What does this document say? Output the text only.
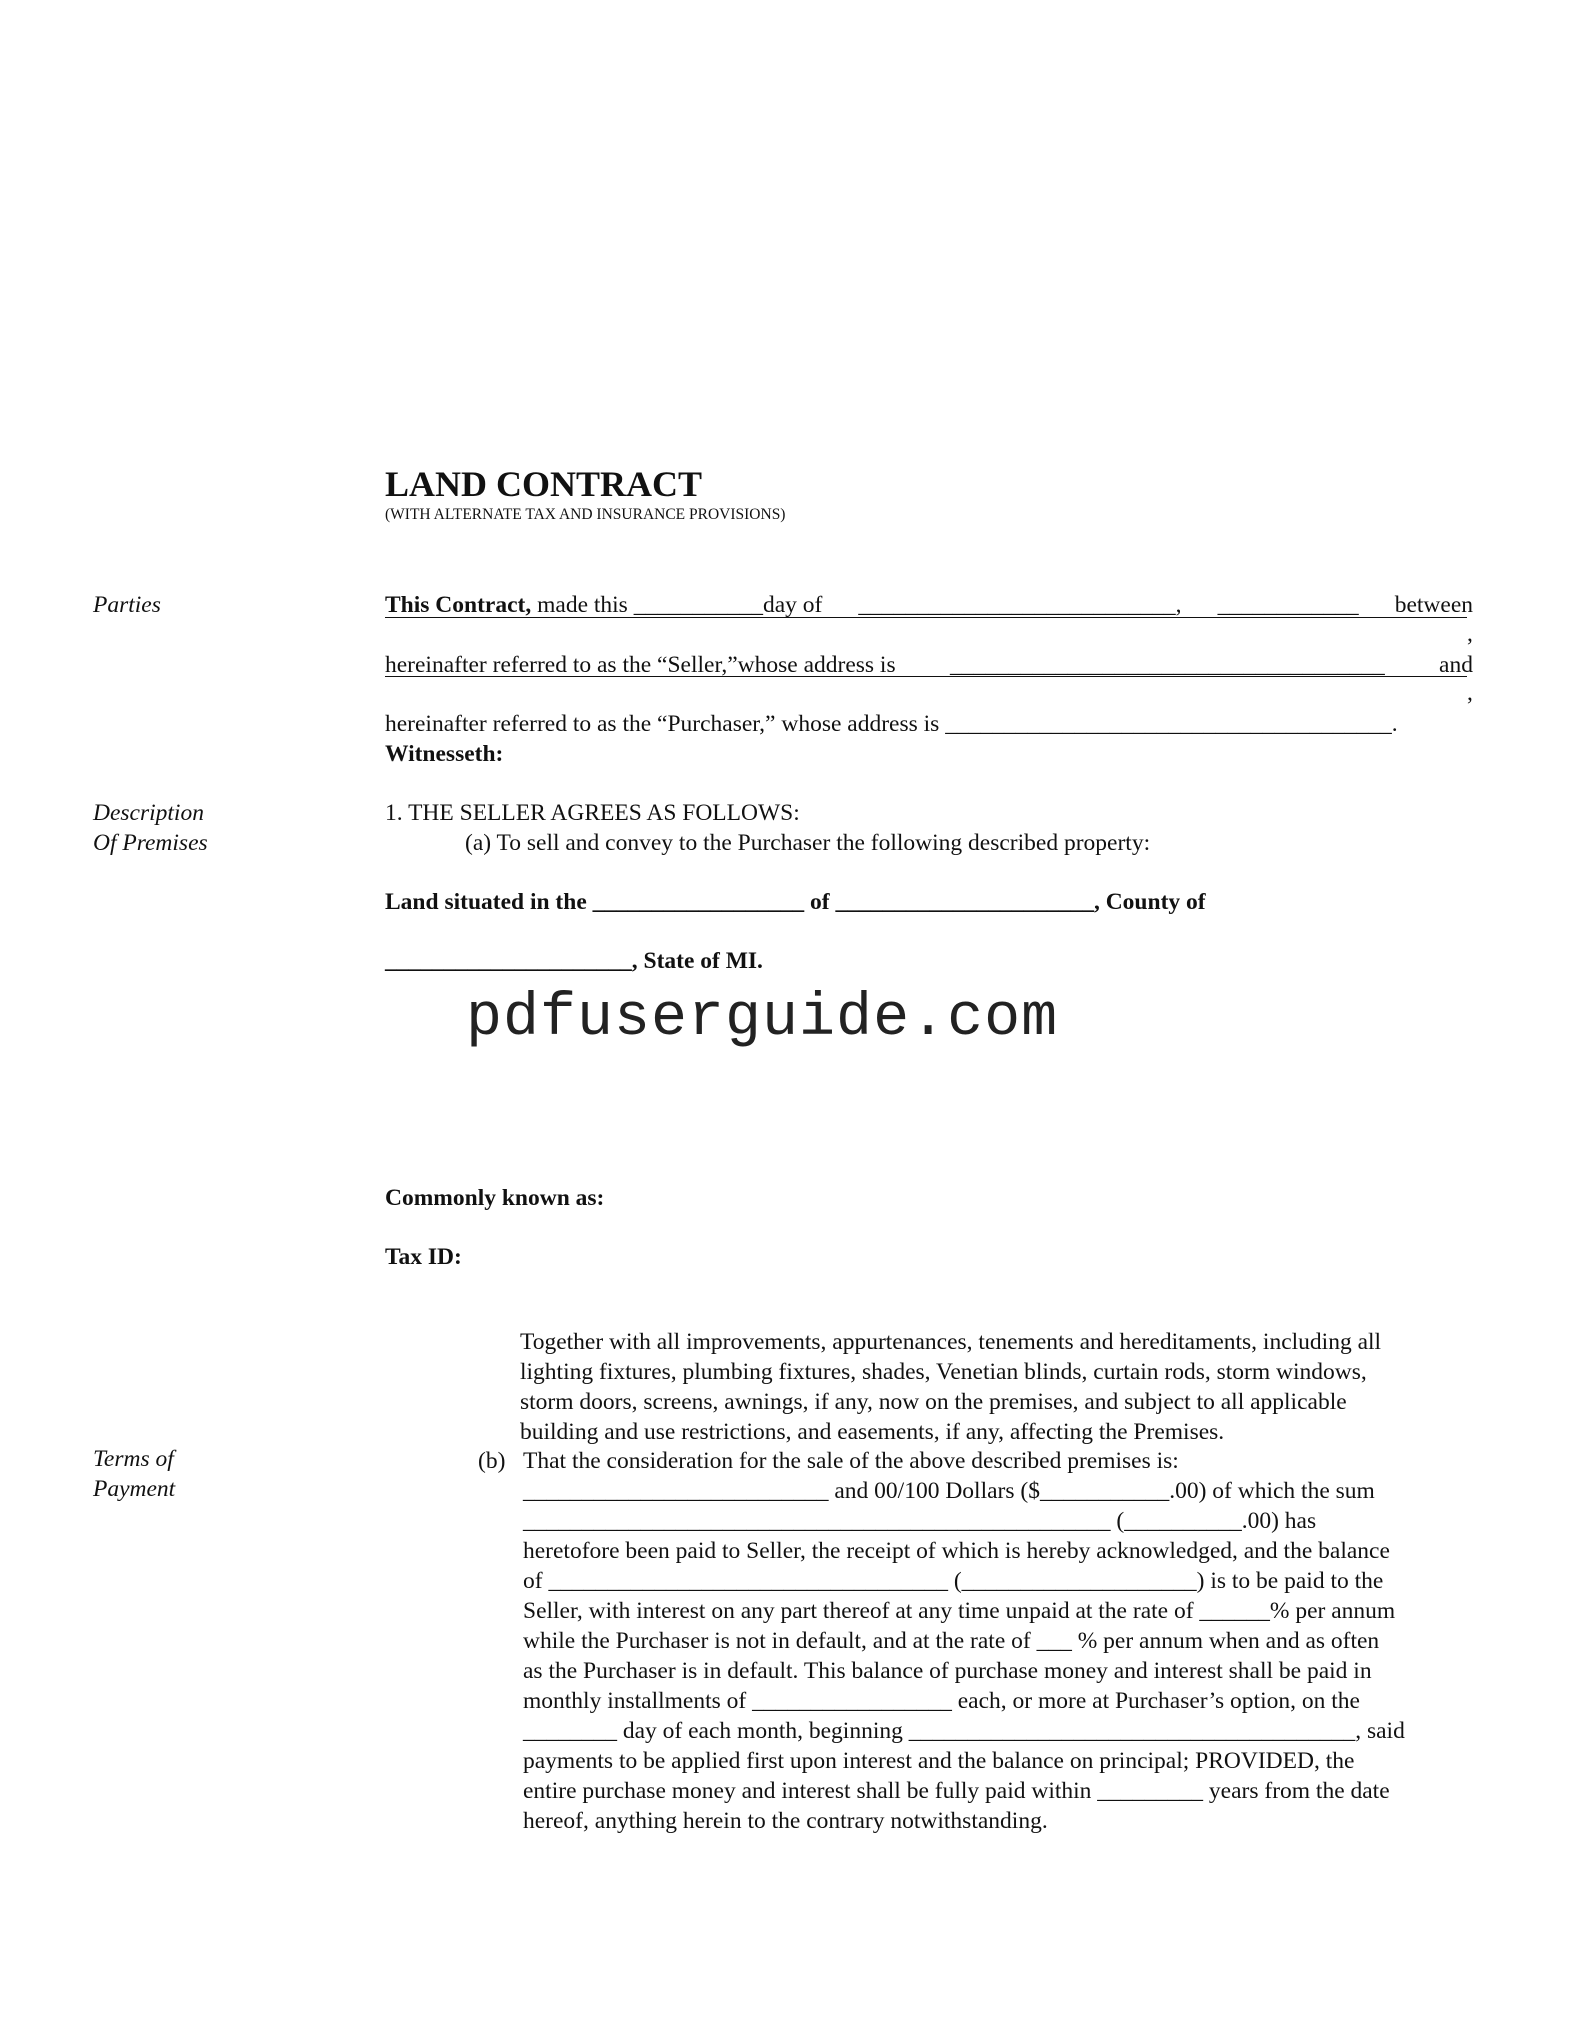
LAND CONTRACT
(WITH ALTERNATE TAX AND INSURANCE PROVISIONS)
Parties
Description
Of Premises
Terms of
Payment
This Contract, made this ___________day of ___________________________, ____________ between
,
hereinafter referred to as the “Seller,”whose address is _____________________________________ and
,
hereinafter referred to as the “Purchaser,” whose address is ______________________________________.
Witnesseth:
1. THE SELLER AGREES AS FOLLOWS:
(a) To sell and convey to the Purchaser the following described property:
Land situated in the __________________ of ______________________, County of
_____________________, State of MI.
pdfuserguide.com
Commonly known as:
Tax ID:
Together with all improvements, appurtenances, tenements and hereditaments, including all
lighting fixtures, plumbing fixtures, shades, Venetian blinds, curtain rods, storm windows,
storm doors, screens, awnings, if any, now on the premises, and subject to all applicable
building and use restrictions, and easements, if any, affecting the Premises.
(b) That the consideration for the sale of the above described premises is:
__________________________ and 00/100 Dollars ($___________.00) of which the sum
__________________________________________________ (__________.00) has
heretofore been paid to Seller, the receipt of which is hereby acknowledged, and the balance
of __________________________________ (____________________) is to be paid to the
Seller, with interest on any part thereof at any time unpaid at the rate of ______% per annum
while the Purchaser is not in default, and at the rate of ___ % per annum when and as often
as the Purchaser is in default. This balance of purchase money and interest shall be paid in
monthly installments of _________________ each, or more at Purchaser’s option, on the
________ day of each month, beginning ______________________________________, said
payments to be applied first upon interest and the balance on principal; PROVIDED, the
entire purchase money and interest shall be fully paid within _________ years from the date
hereof, anything herein to the contrary notwithstanding.
